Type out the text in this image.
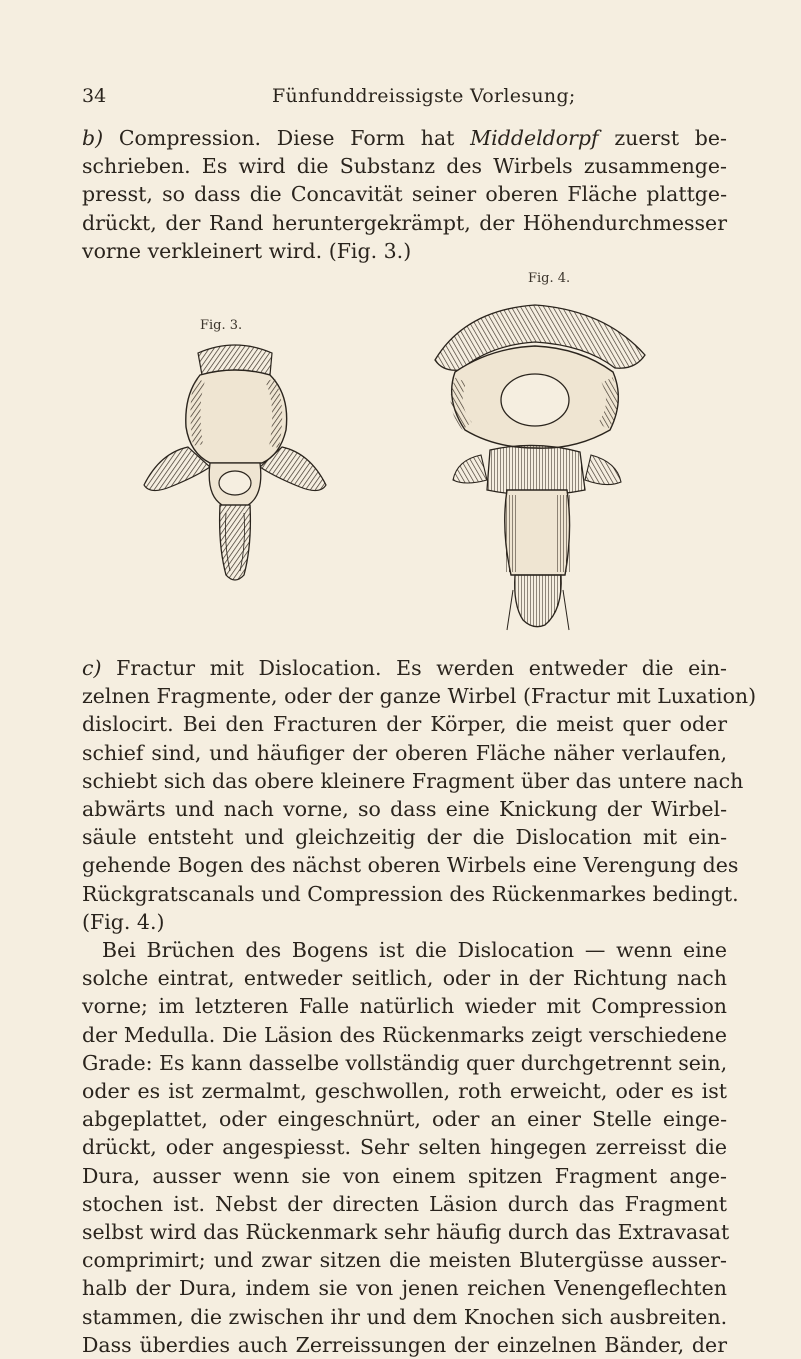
34	Fünfunddreissigste Vorlesung;
b) Compression. Diese Form hat Middeldorpf zuerst be-
schrieben. Es wird die Substanz des Wirbels zusammenge-
presst, so dass die Concavität seiner oberen Fläche plattge-
drückt, der Rand heruntergekrämpt, der Höhendurchmesser
vorne verkleinert wird. (Fig. 3.)
Fig. 4.
Fig. 3.
c) Fractur mit Dislocation. Es werden entweder die ein-
zelnen Fragmente, oder der ganze Wirbel (Fractur mit Luxation)
dislocirt. Bei den Fracturen der Körper, die meist quer oder
schief sind, und häufiger der oberen Fläche näher verlaufen,
schiebt sich das obere kleinere Fragment über das untere nach
abwärts und nach vorne, so dass eine Knickung der Wirbel-
säule entsteht und gleichzeitig der die Dislocation mit ein-
gehende Bogen des nächst oberen Wirbels eine Verengung des
Rückgratscanals und Compression des Rückenmarkes bedingt.
(Fig. 4.)
Bei Brüchen des Bogens ist die Dislocation — wenn eine
solche eintrat, entweder seitlich, oder in der Richtung nach
vorne; im letzteren Falle natürlich wieder mit Compression
der Medulla. Die Läsion des Rückenmarks zeigt verschiedene
Grade: Es kann dasselbe vollständig quer durchgetrennt sein,
oder es ist zermalmt, geschwollen, roth erweicht, oder es ist
abgeplattet, oder eingeschnürt, oder an einer Stelle einge-
drückt, oder angespiesst. Sehr selten hingegen zerreisst die
Dura, ausser wenn sie von einem spitzen Fragment ange-
stochen ist. Nebst der directen Läsion durch das Fragment
selbst wird das Rückenmark sehr häufig durch das Extravasat
comprimirt; und zwar sitzen die meisten Blutergüsse ausser-
halb der Dura, indem sie von jenen reichen Venengeflechten
stammen, die zwischen ihr und dem Knochen sich ausbreiten.
Dass überdies auch Zerreissungen der einzelnen Bänder, der
